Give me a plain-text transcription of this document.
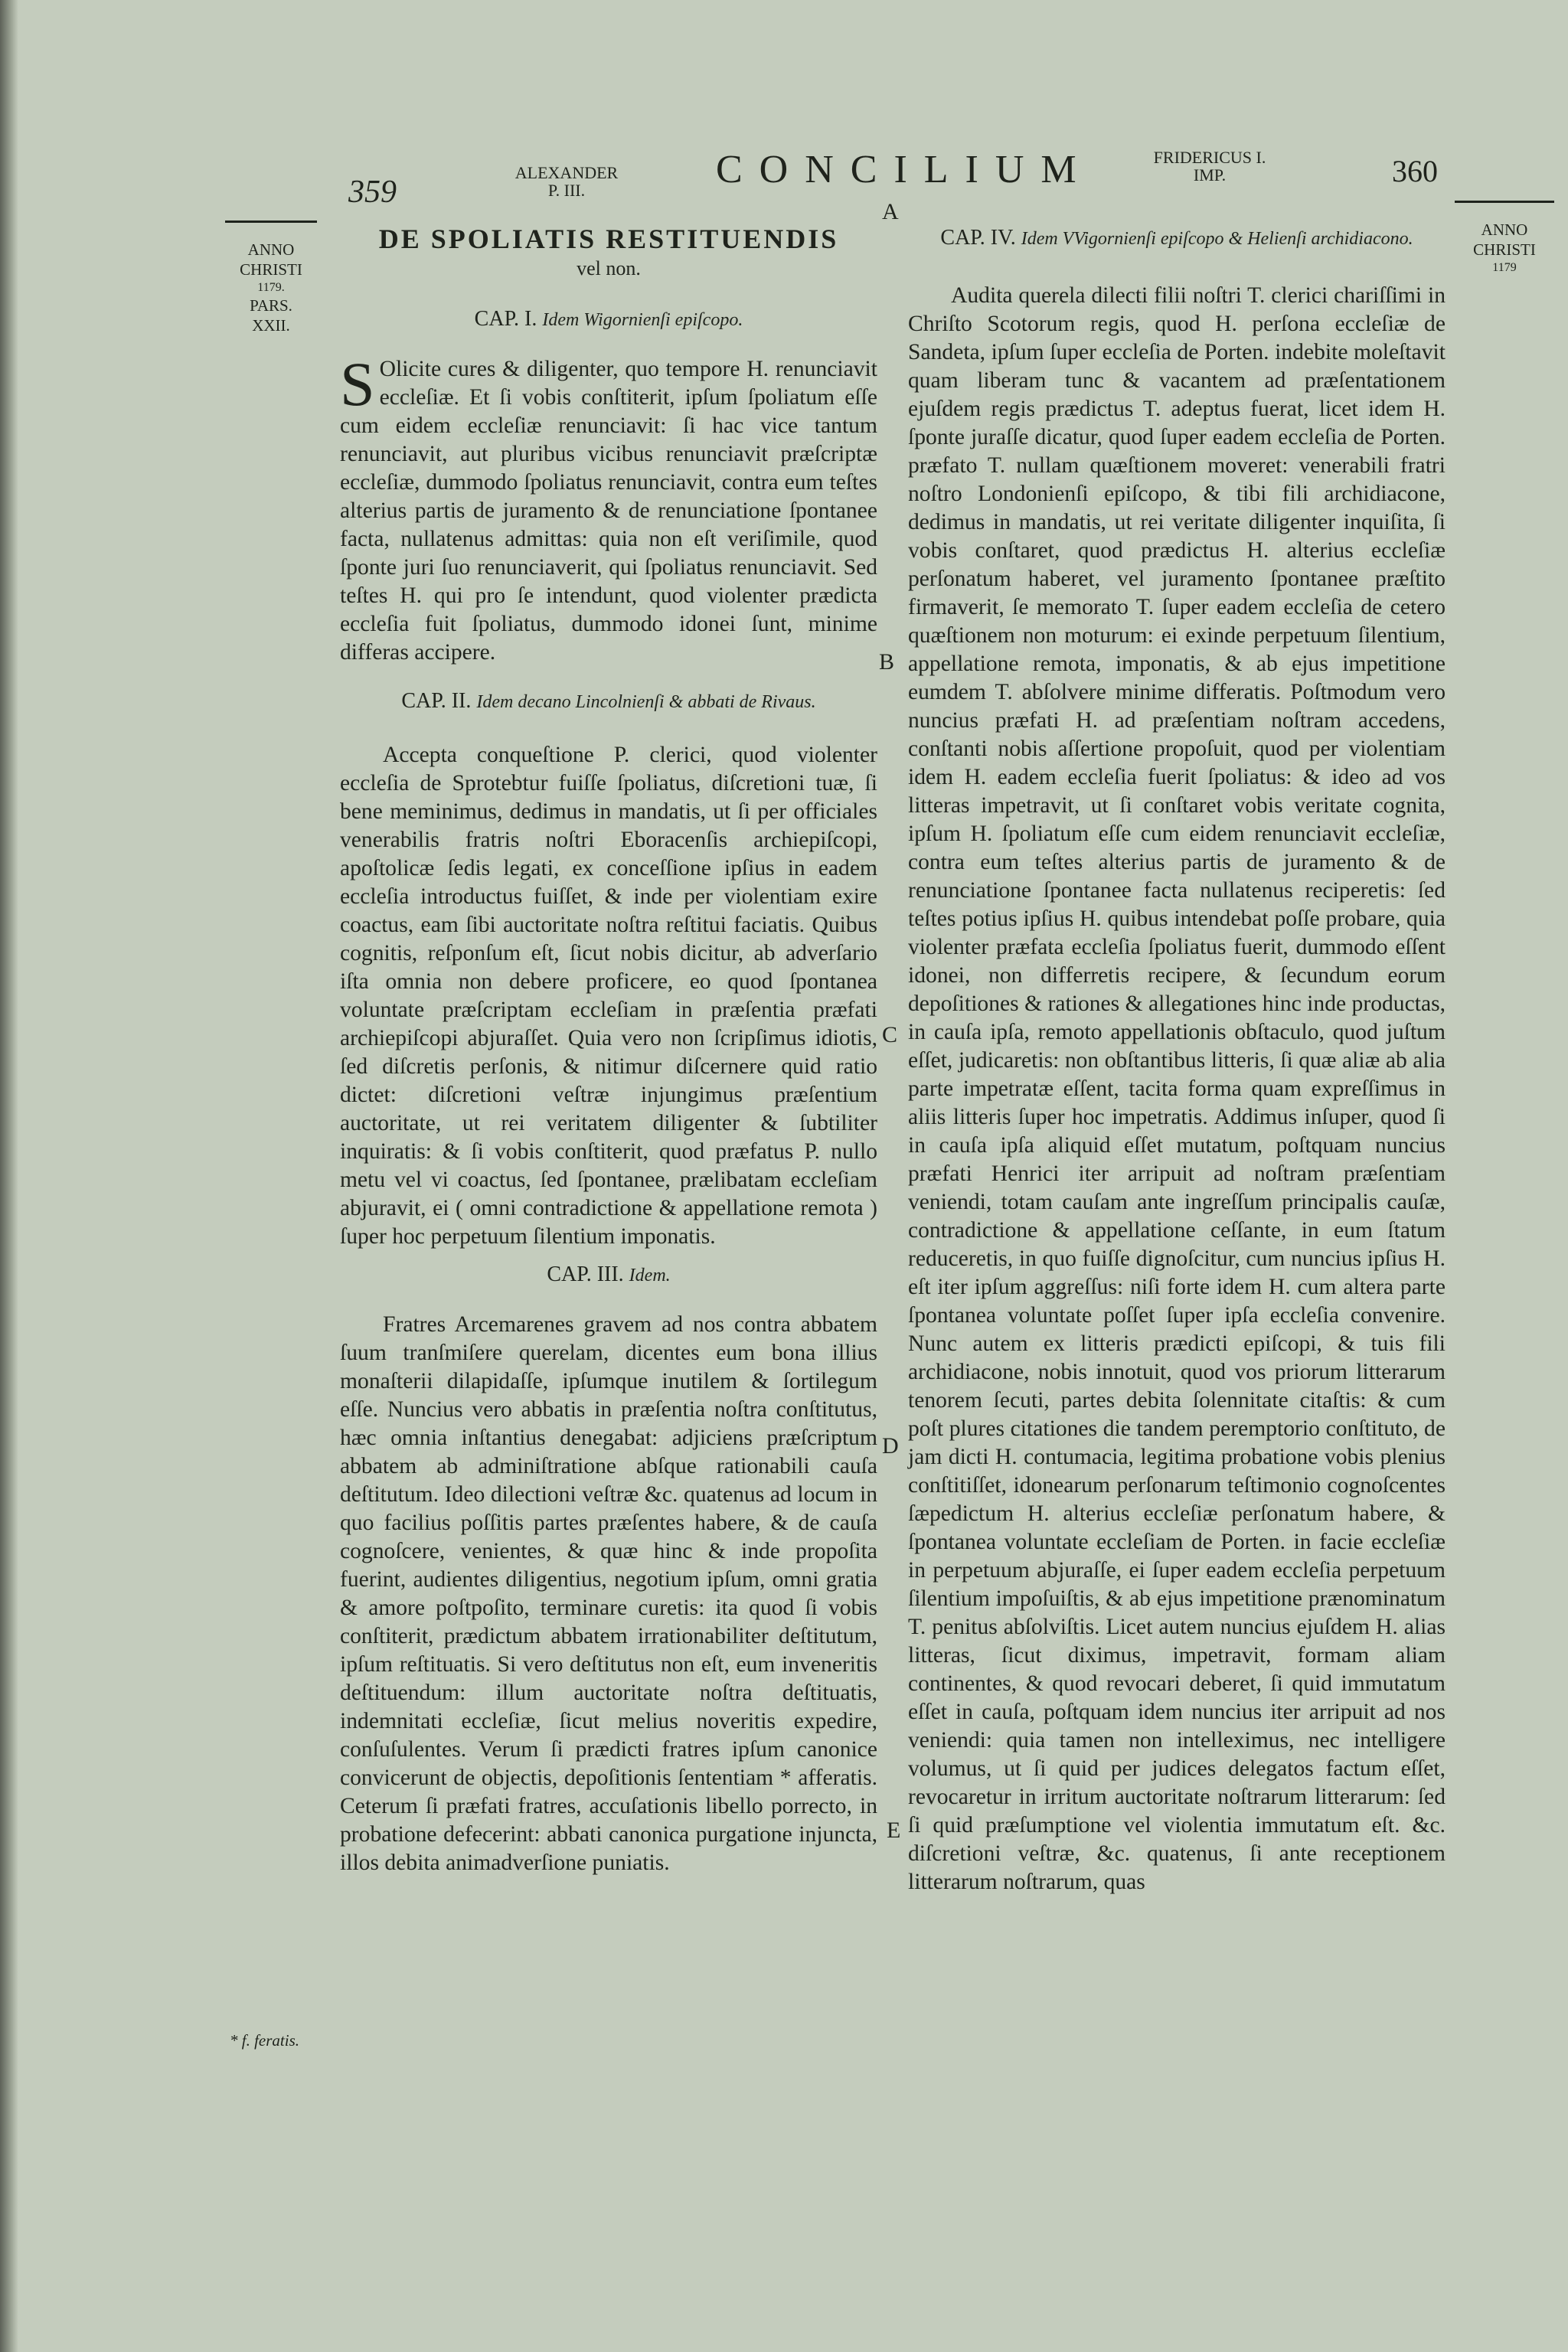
359
ALEXANDER
P. III.	CONCILIUM
A
FRIDERICUS I.
IMP.	360
ANNO
CHRISTI
1179.
PARS.
XXII.
ANNO
CHRISTI
1179
* f. feratis.
DE SPOLIATIS RESTITUENDIS

vel non.

CAP. I. Idem Wigornienſi epiſcopo.

S Olicite cures & diligenter, quo tempore H. renunciavit eccleſiæ. Et ſi vobis conſtiterit, ipſum ſpoliatum eſſe cum eidem eccleſiæ renunciavit: ſi hac vice tantum renunciavit, aut pluribus vicibus renunciavit præſcriptæ eccleſiæ, dummodo ſpoliatus renunciavit, contra eum teſtes alterius partis de juramento & de renunciatione ſpontanee facta, nullatenus admittas: quia non eſt veriſimile, quod ſponte juri ſuo renunciaverit, qui ſpoliatus renunciavit. Sed teſtes H. qui pro ſe intendunt, quod violenter prædicta eccleſia fuit ſpoliatus, dummodo idonei ſunt, minime differas accipere.

CAP. II. Idem decano Lincolnienſi & abbati de Rivaus.

Accepta conqueſtione P. clerici, quod violenter eccleſia de Sprotebtur fuiſſe ſpoliatus, diſcretioni tuæ, ſi bene meminimus, dedimus in mandatis, ut ſi per officiales venerabilis fratris noſtri Eboracenſis archiepiſcopi, apoſtolicæ ſedis legati, ex conceſſione ipſius in eadem eccleſia introductus fuiſſet, & inde per violentiam exire coactus, eam ſibi auctoritate noſtra reſtitui faciatis. Quibus cognitis, reſponſum eſt, ſicut nobis dicitur, ab adverſario iſta omnia non debere proficere, eo quod ſpontanea voluntate præſcriptam eccleſiam in præſentia præfati archiepiſcopi abjuraſſet. Quia vero non ſcripſimus idiotis, ſed diſcretis perſonis, & nitimur diſcernere quid ratio dictet: diſcretioni veſtræ injungimus præſentium auctoritate, ut rei veritatem diligenter & ſubtiliter inquiratis: & ſi vobis conſtiterit, quod præfatus P. nullo metu vel vi coactus, ſed ſpontanee, prælibatam eccleſiam abjuravit, ei ( omni contradictione & appellatione remota ) ſuper hoc perpetuum ſilentium imponatis.

CAP. III. Idem.

Fratres Arcemarenes gravem ad nos contra abbatem ſuum tranſmiſere querelam, dicentes eum bona illius monaſterii dilapidaſſe, ipſumque inutilem & ſortilegum eſſe. Nuncius vero abbatis in præſentia noſtra conſtitutus, hæc omnia inſtantius denegabat: adjiciens præſcriptum abbatem ab adminiſtratione abſque rationabili cauſa deſtitutum. Ideo dilectioni veſtræ &c. quatenus ad locum in quo facilius poſſitis partes præſentes habere, & de cauſa cognoſcere, venientes, & quæ hinc & inde propoſita fuerint, audientes diligentius, negotium ipſum, omni gratia & amore poſtpoſito, terminare curetis: ita quod ſi vobis conſtiterit, prædictum abbatem irrationabiliter deſtitutum, ipſum reſtituatis. Si vero deſtitutus non eſt, eum inveneritis deſtituendum: illum auctoritate noſtra deſtituatis, indemnitati eccleſiæ, ſicut melius noveritis expedire, conſuſulentes. Verum ſi prædicti fratres ipſum canonice convicerunt de objectis, depoſitionis ſententiam * afferatis. Ceterum ſi præfati fratres, accuſationis libello porrecto, in probatione defecerint: abbati canonica purgatione injuncta, illos debita animadverſione puniatis.

CAP. IV. Idem VVigornienſi epiſcopo & Helienſi archidiacono.

Audita querela dilecti filii noſtri T. clerici chariſſimi in Chriſto Scotorum regis, quod H. perſona eccleſiæ de Sandeta, ipſum ſuper eccleſia de Porten. indebite moleſtavit quam liberam tunc & vacantem ad præſentationem ejuſdem regis prædictus T. adeptus fuerat, licet idem H. ſponte juraſſe dicatur, quod ſuper eadem eccleſia de Porten. præfato T. nullam quæſtionem moveret: venerabili fratri noſtro Londonienſi epiſcopo, & tibi fili archidiacone, dedimus in mandatis, ut rei veritate diligenter inquiſita, ſi vobis conſtaret, quod prædictus H. alterius eccleſiæ perſonatum haberet, vel juramento ſpontanee præſtito firmaverit, ſe memorato T. ſuper eadem eccleſia de cetero quæſtionem non moturum: ei exinde perpetuum ſilentium, appellatione remota, imponatis, & ab ejus impetitione eumdem T. abſolvere minime differatis. Poſtmodum vero nuncius præfati H. ad præſentiam noſtram accedens, conſtanti nobis aſſertione propoſuit, quod per violentiam idem H. eadem eccleſia fuerit ſpoliatus: & ideo ad vos litteras impetravit, ut ſi conſtaret vobis veritate cognita, ipſum H. ſpoliatum eſſe cum eidem renunciavit eccleſiæ, contra eum teſtes alterius partis de juramento & de renunciatione ſpontanee facta nullatenus reciperetis: ſed teſtes potius ipſius H. quibus intendebat poſſe probare, quia violenter præfata eccleſia ſpoliatus fuerit, dummodo eſſent idonei, non differretis recipere, & ſecundum eorum depoſitiones & rationes & allegationes hinc inde productas, in cauſa ipſa, remoto appellationis obſtaculo, quod juſtum eſſet, judicaretis: non obſtantibus litteris, ſi quæ aliæ ab alia parte impetratæ eſſent, tacita forma quam expreſſimus in aliis litteris ſuper hoc impetratis. Addimus inſuper, quod ſi in cauſa ipſa aliquid eſſet mutatum, poſtquam nuncius præfati Henrici iter arripuit ad noſtram præſentiam veniendi, totam cauſam ante ingreſſum principalis cauſæ, contradictione & appellatione ceſſante, in eum ſtatum reduceretis, in quo fuiſſe dignoſcitur, cum nuncius ipſius H. eſt iter ipſum aggreſſus: niſi forte idem H. cum altera parte ſpontanea voluntate poſſet ſuper ipſa eccleſia convenire. Nunc autem ex litteris prædicti epiſcopi, & tuis fili archidiacone, nobis innotuit, quod vos priorum litterarum tenorem ſecuti, partes debita ſolennitate citaſtis: & cum poſt plures citationes die tandem peremptorio conſtituto, de jam dicti H. contumacia, legitima probatione vobis plenius conſtitiſſet, idonearum perſonarum teſtimonio cognoſcentes ſæpedictum H. alterius eccleſiæ perſonatum habere, & ſpontanea voluntate eccleſiam de Porten. in facie eccleſiæ in perpetuum abjuraſſe, ei ſuper eadem eccleſia perpetuum ſilentium impoſuiſtis, & ab ejus impetitione prænominatum T. penitus abſolviſtis. Licet autem nuncius ejuſdem H. alias litteras, ſicut diximus, impetravit, formam aliam continentes, & quod revocari deberet, ſi quid immutatum eſſet in cauſa, poſtquam idem nuncius iter arripuit ad nos veniendi: quia tamen non intelleximus, nec intelligere volumus, ut ſi quid per judices delegatos factum eſſet, revocaretur in irritum auctoritate noſtrarum litterarum: ſed ſi quid præſumptione vel violentia immutatum eſt. &c. diſcretioni veſtræ, &c. quatenus, ſi ante receptionem litterarum noſtrarum, quas

B
C
D
E
